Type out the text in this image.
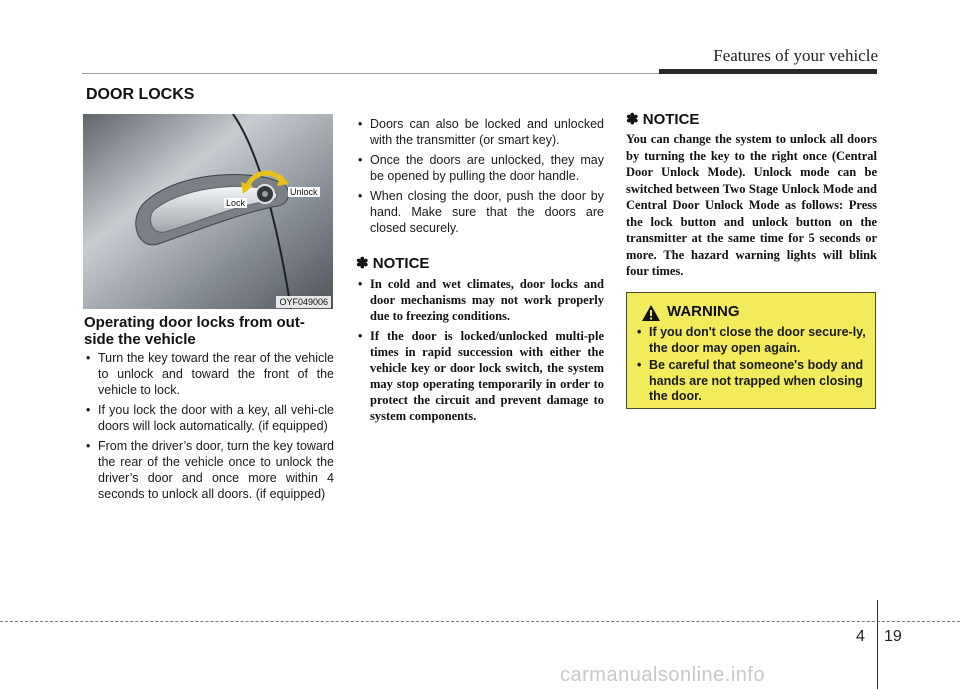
Features of your vehicle
DOOR LOCKS
Lock
Unlock
OYF049006
Operating door locks from out-side the vehicle
• Turn the key toward the rear of the vehicle to unlock and toward the front of the vehicle to lock.
• If you lock the door with a key, all vehi-cle doors will lock automatically. (if equipped)
• From the driver’s door, turn the key toward the rear of the vehicle once to unlock the driver’s door and once more within 4 seconds to unlock all doors. (if equipped)
• Doors can also be locked and unlocked with the transmitter (or smart key).
• Once the doors are unlocked, they may be opened by pulling the door handle.
• When closing the door, push the door by hand. Make sure that the doors are closed securely.
✽ NOTICE
• In cold and wet climates, door locks and door mechanisms may not work properly due to freezing conditions.
• If the door is locked/unlocked multi-ple times in rapid succession with either the vehicle key or door lock switch, the system may stop operating temporarily in order to protect the circuit and prevent damage to system components.
✽ NOTICE

You can change the system to unlock all doors by turning the key to the right once (Central Door Unlock Mode). Unlock mode can be switched between Two Stage Unlock Mode and Central Door Unlock Mode as follows: Press the lock button and unlock button on the transmitter at the same time for 5 seconds or more. The hazard warning lights will blink four times.

WARNING
• If you don't close the door secure-ly, the door may open again.
• Be careful that someone's body and hands are not trapped when closing the door.
4 19
carmanualsonline.info
